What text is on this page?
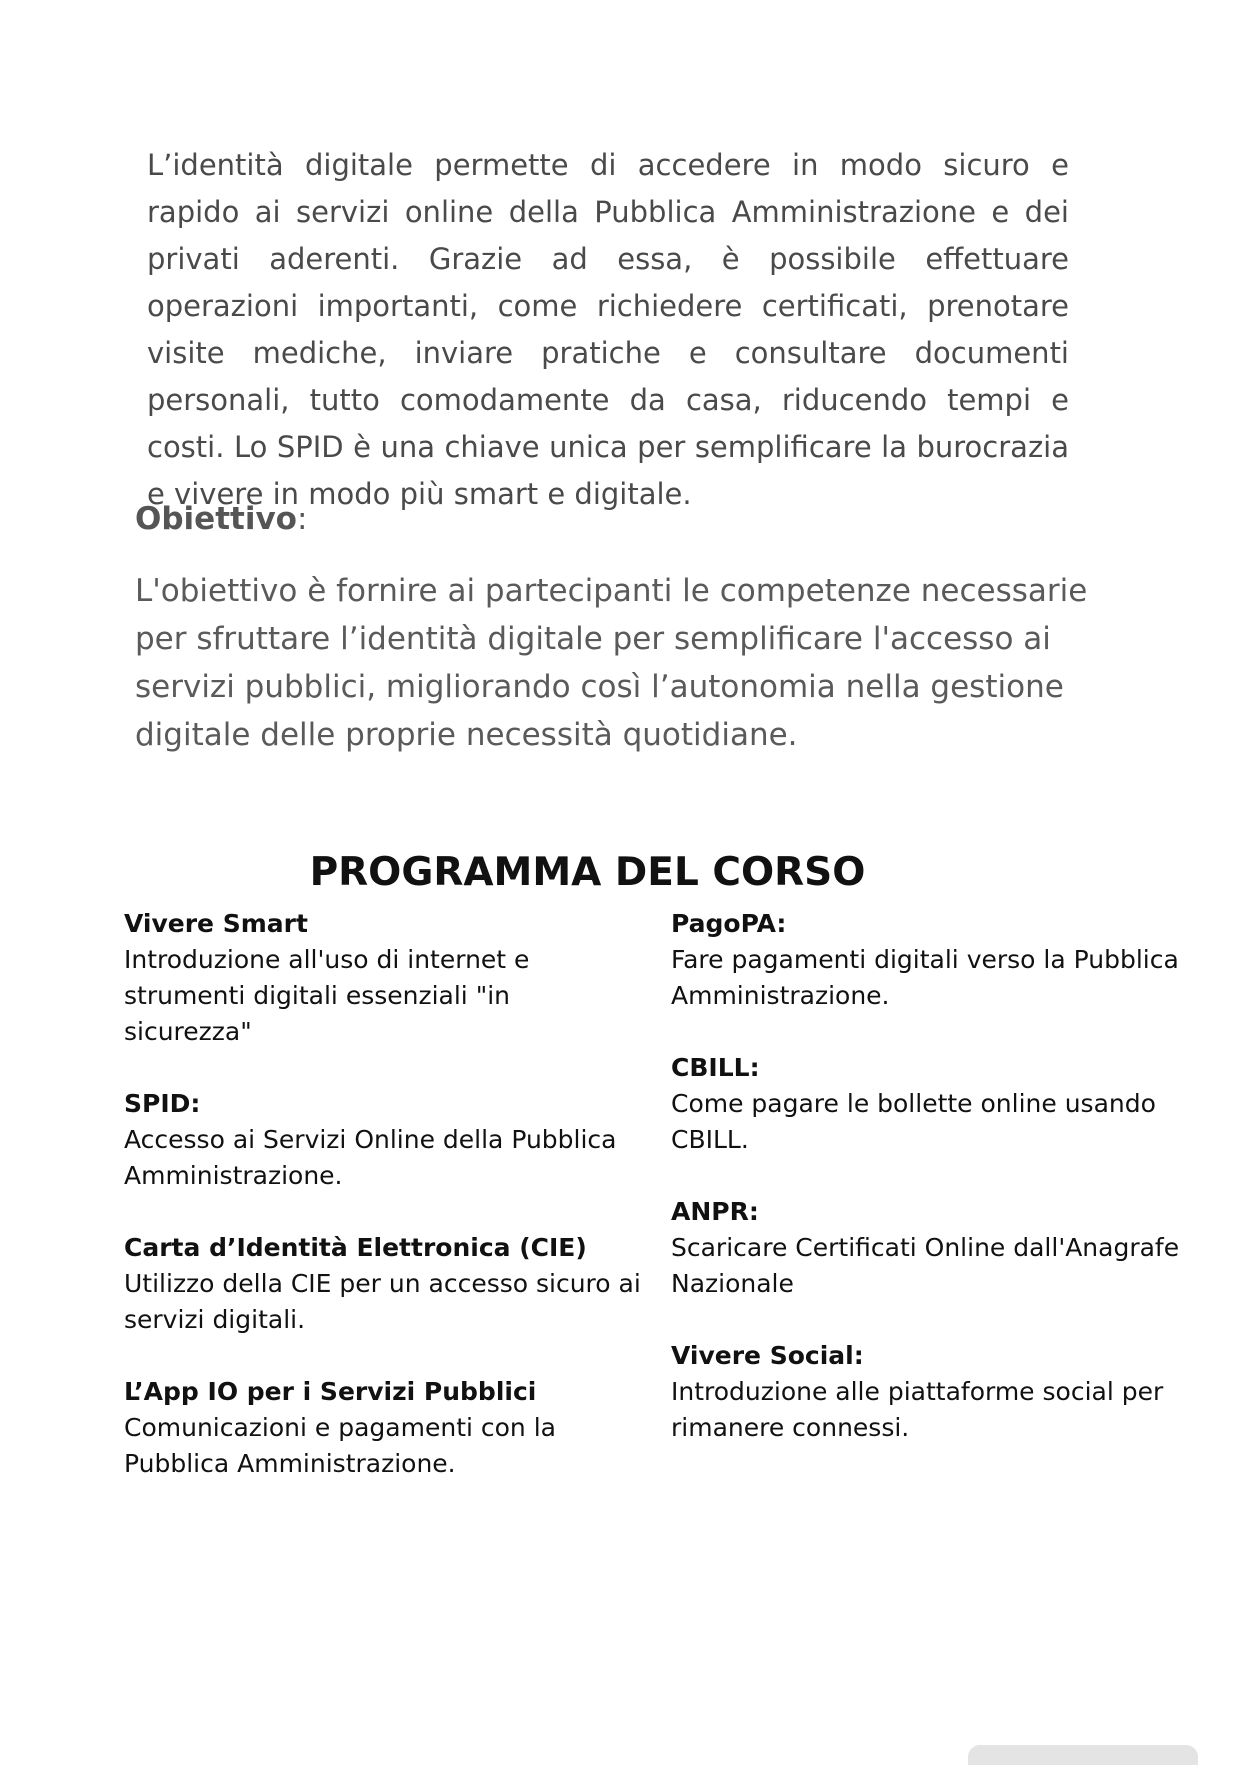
L’identità digitale permette di accedere in modo sicuro e rapido ai servizi online della Pubblica Amministrazione e dei privati aderenti. Grazie ad essa, è possibile effettuare operazioni importanti, come richiedere certificati, prenotare visite mediche, inviare pratiche e consultare documenti personali, tutto comodamente da casa, riducendo tempi e costi. Lo SPID è una chiave unica per semplificare la burocrazia e vivere in modo più smart e digitale.

Obiettivo:

L'obiettivo è fornire ai partecipanti le competenze necessarie per sfruttare l’identità digitale per semplificare l'accesso ai servizi pubblici, migliorando così l’autonomia nella gestione digitale delle proprie necessità quotidiane.

PROGRAMMA DEL CORSO
Vivere Smart
Introduzione all'uso di internet e strumenti digitali essenziali "in sicurezza"
SPID:
Accesso ai Servizi Online della Pubblica Amministrazione.
Carta d’Identità Elettronica (CIE)
Utilizzo della CIE per un accesso sicuro ai servizi digitali.
L’App IO per i Servizi Pubblici
Comunicazioni e pagamenti con la Pubblica Amministrazione.
PagoPA:
Fare pagamenti digitali verso la Pubblica Amministrazione.
CBILL:
Come pagare le bollette online usando CBILL.
ANPR:
Scaricare Certificati Online dall'Anagrafe Nazionale
Vivere Social:
Introduzione alle piattaforme social per rimanere connessi.
